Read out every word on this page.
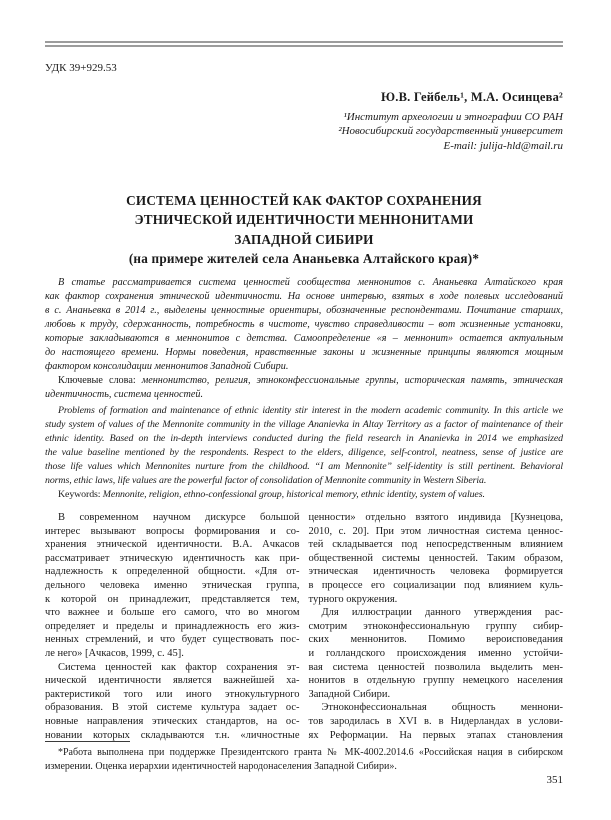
УДК 39+929.53
Ю.В. Гейбель¹, М.А. Осинцева²
¹Институт археологии и этнографии СО РАН
²Новосибирский государственный университет
E-mail: julija-hld@mail.ru
СИСТЕМА ЦЕННОСТЕЙ КАК ФАКТОР СОХРАНЕНИЯ
ЭТНИЧЕСКОЙ ИДЕНТИЧНОСТИ МЕННОНИТАМИ
ЗАПАДНОЙ СИБИРИ
(на примере жителей села Ананьевка Алтайского края)*
В статье рассматривается система ценностей сообщества меннонитов с. Ананьевка Алтайского края
как фактор сохранения этнической идентичности. На основе интервью, взятых в ходе полевых исследований
в с. Ананьевка в 2014 г., выделены ценностные ориентиры, обозначенные респондентами. Почитание старших,
любовь к труду, сдержанность, потребность в чистоте, чувство справедливости – вот жизненные установки,
которые закладываются в меннонитов с детства. Самоопределение «я – меннонит» остается актуальным
до настоящего времени. Нормы поведения, нравственные законы и жизненные принципы являются мощным
фактором консолидации меннонитов Западной Сибири.
Ключевые слова: меннонитство, религия, этноконфессиональные группы, историческая память, этническая
идентичность, система ценностей.
Problems of formation and maintenance of ethnic identity stir interest in the modern academic community. In this article we
study system of values of the Mennonite community in the village Ananievka in Altay Territory as a factor of maintenance of their
ethnic identity. Based on the in-depth interviews conducted during the field research in Ananievka in 2014 we emphasized
the value baseline mentioned by the respondents. Respect to the elders, diligence, self-control, neatness, sense of justice are
those life values which Mennonites nurture from the childhood. “I am Mennonite” self-identity is still pertinent. Behavioral
norms, ethic laws, life values are the powerful factor of consolidation of Mennonite community in Western Siberia.
Keywords: Mennonite, religion, ethno-confessional group, historical memory, ethnic identity, system of values.
В современном научном дискурсе большой
интерес вызывают вопросы формирования и со-
хранения этнической идентичности. В.А. Ачкасов
рассматривает этническую идентичность как при-
надлежность к определенной общности. «Для от-
дельного человека именно этническая группа,
к которой он принадлежит, представляется тем,
что важнее и больше его самого, что во многом
определяет и пределы и принадлежность его жиз-
ненных стремлений, и что будет существовать пос-
ле него» [Ачкасов, 1999, с. 45].
Система ценностей как фактор сохранения эт-
нической идентичности является важнейшей ха-
рактеристикой того или иного этнокультурного
образования. В этой системе культура задает ос-
новные направления этических стандартов, на ос-
новании которых складываются т.н. «личностные
ценности» отдельно взятого индивида [Кузнецова,
2010, с. 20]. При этом личностная система ценнос-
тей складывается под непосредственным влиянием
общественной системы ценностей. Таким образом,
этническая идентичность человека формируется
в процессе его социализации под влиянием куль-
турного окружения.
Для иллюстрации данного утверждения рас-
смотрим этноконфессиональную группу сибир-
ских меннонитов. Помимо вероисповедания
и голландского происхождения именно устойчи-
вая система ценностей позволила выделить мен-
нонитов в отдельную группу немецкого населения
Западной Сибири.
Этноконфессиональная общность меннони-
тов зародилась в XVI в. в Нидерландах в услови-
ях Реформации. На первых этапах становления
*Работа выполнена при поддержке Президентского гранта № МК-4002.2014.6 «Российская нация в сибирском
измерении. Оценка иерархии идентичностей народонаселения Западной Сибири».
351
